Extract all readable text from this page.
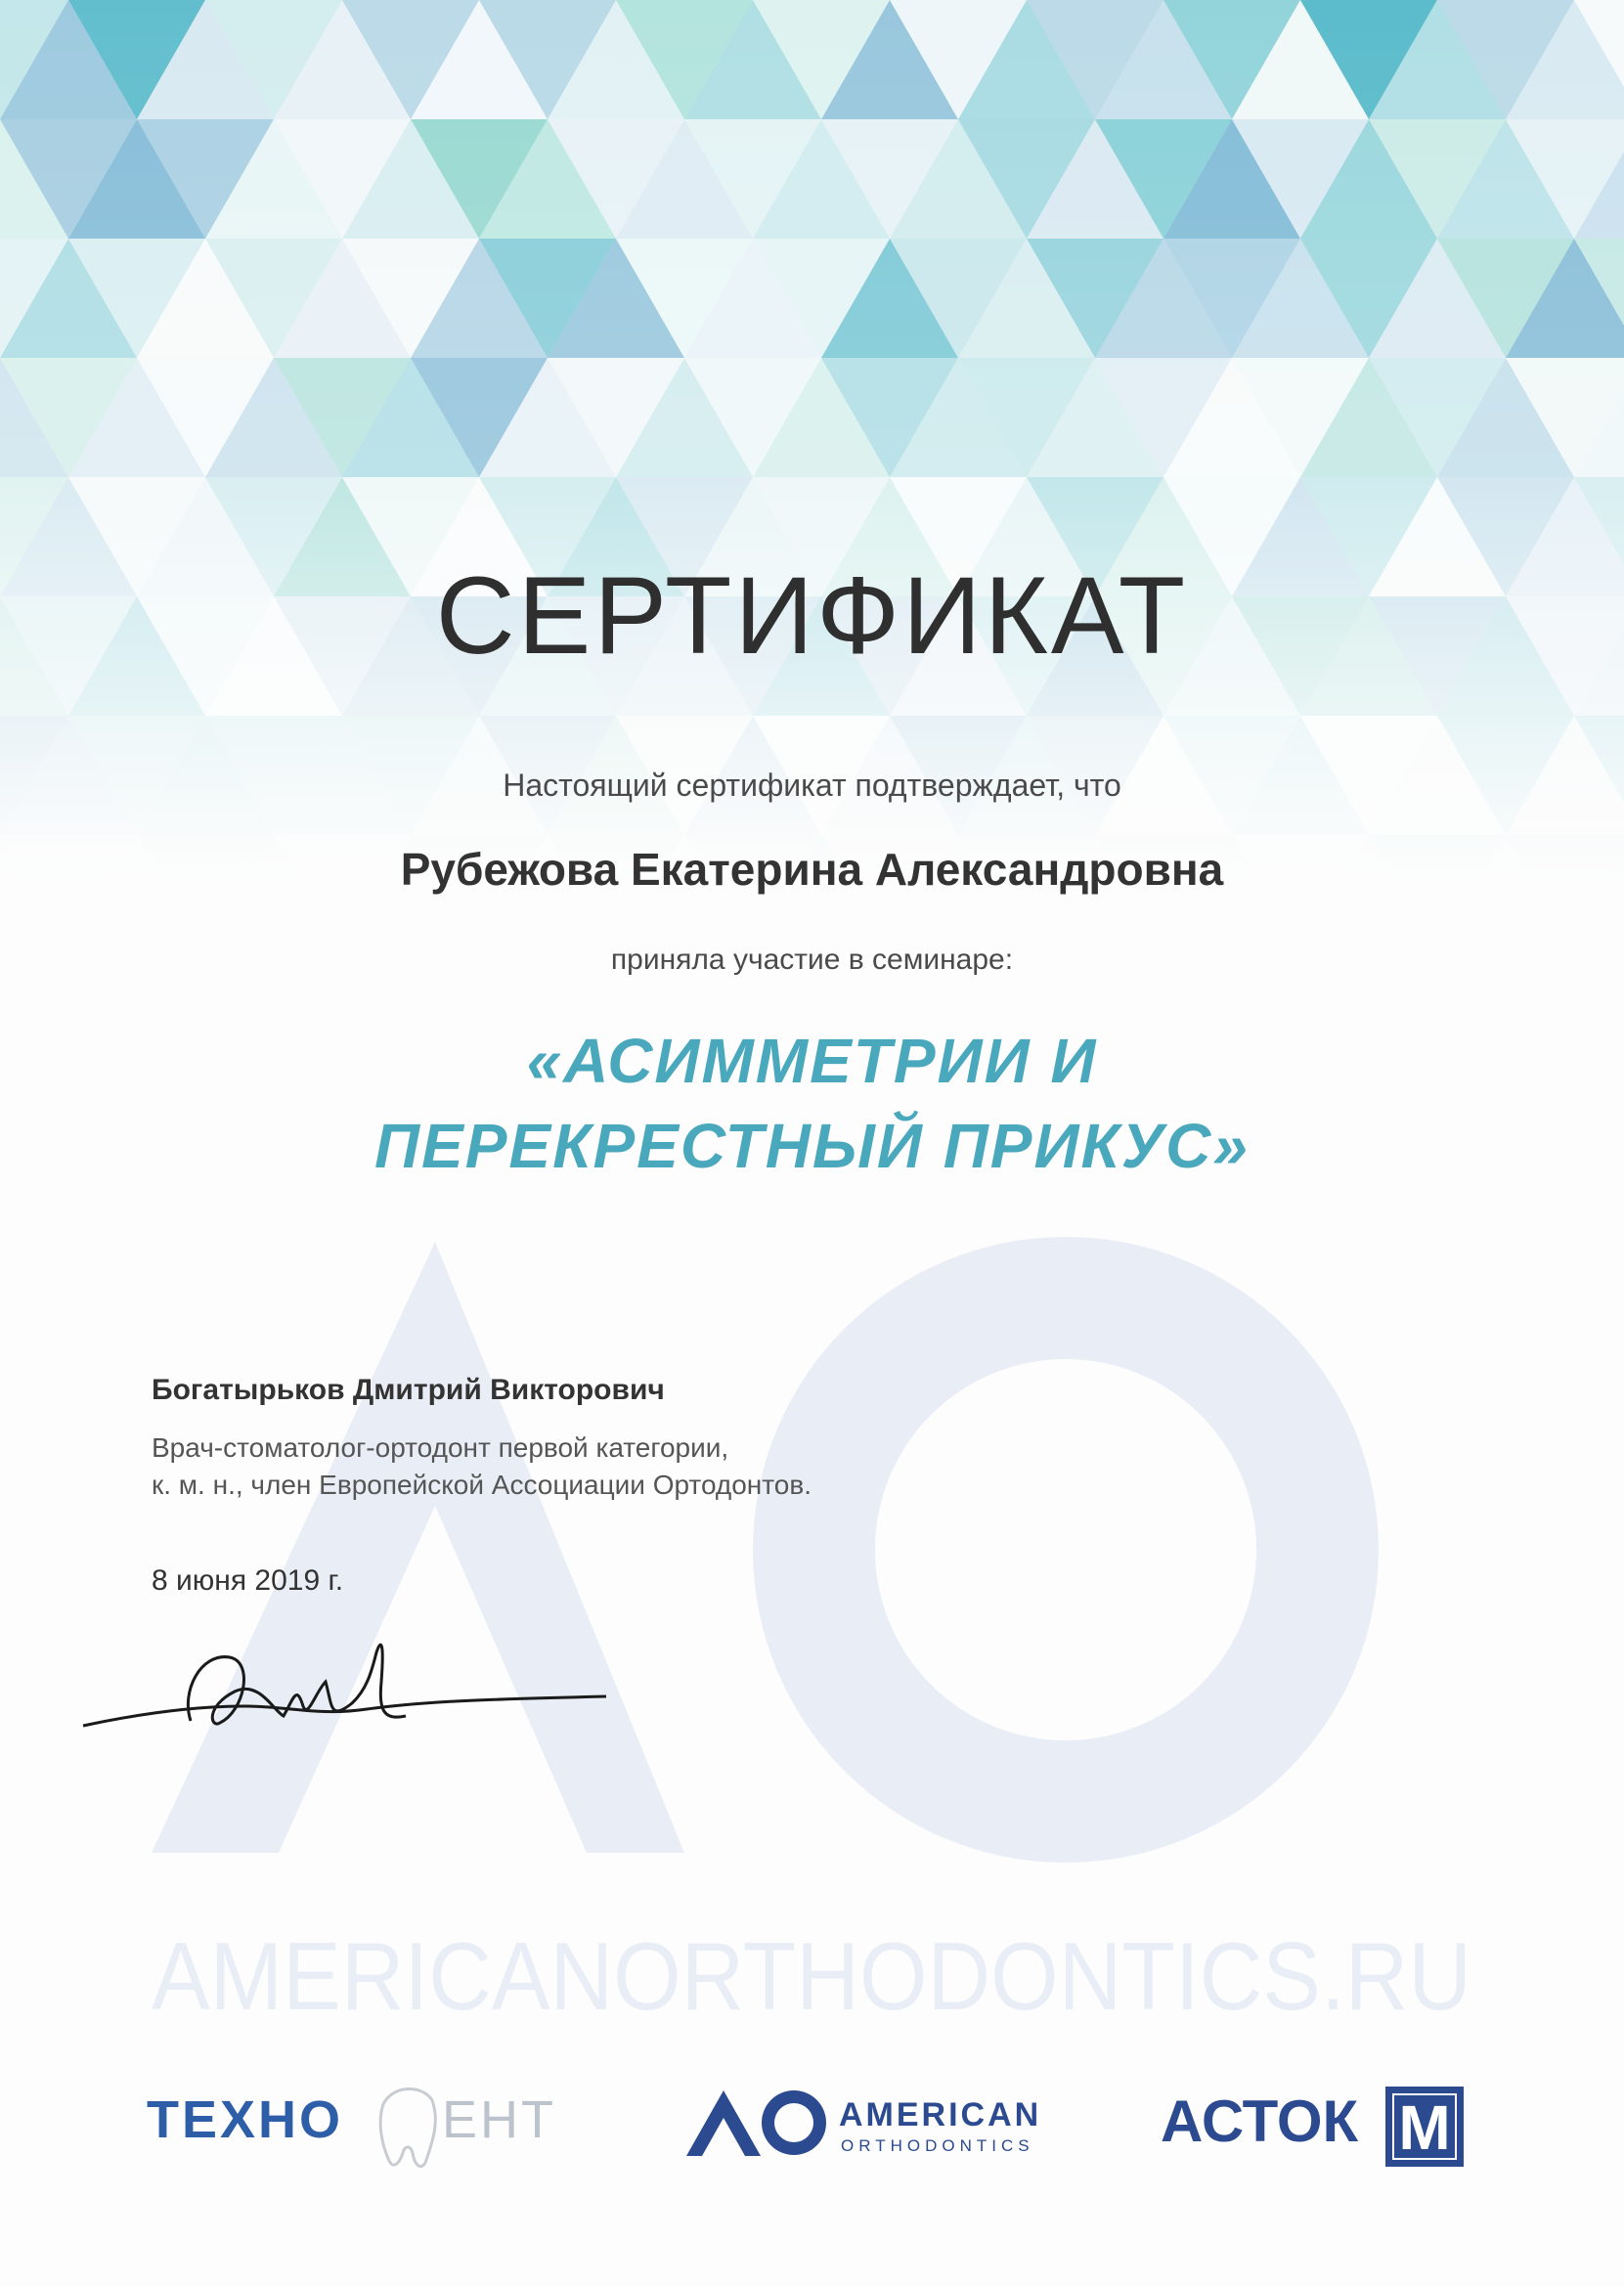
СЕРТИФИКАТ
Настоящий сертификат подтверждает, что
Рубежова Екатерина Александровна
приняла участие в семинаре:
«АСИММЕТРИИ И
ПЕРЕКРЕСТНЫЙ ПРИКУС»
Богатырьков Дмитрий Викторович
Врач-стоматолог-ортодонт первой категории,
к. м. н., член Европейской Ассоциации Ортодонтов.
8 июня 2019 г.
AMERICANORTHODONTICS.RU
ТЕХНО ЕНТ	AMERICAN
ORTHODONTICS АСТОК M
